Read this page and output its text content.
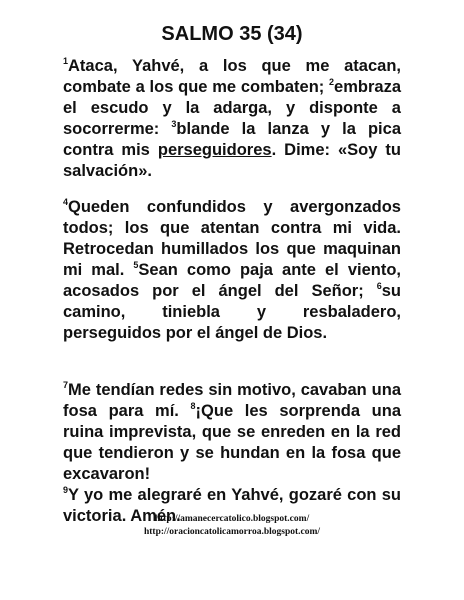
SALMO 35 (34)

$^1$Ataca, Yahvé, a los que me atacan, combate a los que me combaten; $^2$embraza el escudo y la adarga, y disponte a socorrerme: $^3$blande la lanza y la pica contra mis perseguidores. Dime: «Soy tu salvación».

$^4$Queden confundidos y avergonzados todos; los que atentan contra mi vida. Retrocedan humillados los que maquinan mi mal. $^5$Sean como paja ante el viento, acosados por el ángel del Señor; $^6$su camino, tiniebla y resbaladero, perseguidos por el ángel de Dios.

$^7$Me tendían redes sin motivo, cavaban una fosa para mí. $^8$¡Que les sorprenda una ruina imprevista, que se enreden en la red que tendieron y se hundan en la fosa que excavaron!

$^9$Y yo me alegraré en Yahvé, gozaré con su victoria. Amén.

http://amanecercatolico.blogspot.com/
http://oracioncatolicamorroa.blogspot.com/
